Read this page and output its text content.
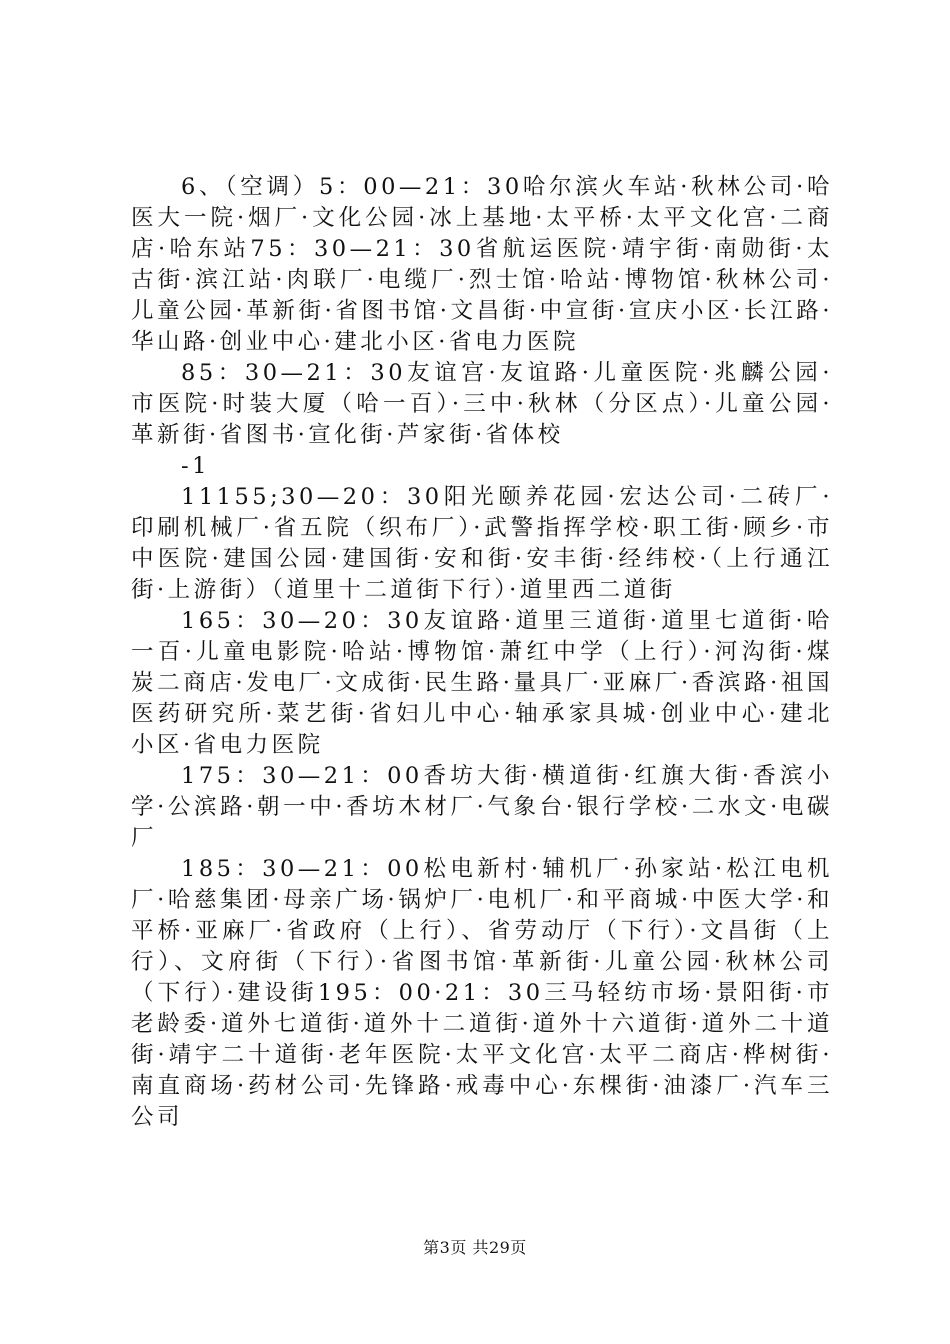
6、（空调）5：00—21：30哈尔滨火车站·秋林公司·哈医大一院·烟厂·文化公园·冰上基地·太平桥·太平文化宫·二商店·哈东站75：30—21：30省航运医院·靖宇街·南勋街·太古街·滨江站·肉联厂·电缆厂·烈士馆·哈站·博物馆·秋林公司·儿童公园·革新街·省图书馆·文昌街·中宣街·宣庆小区·长江路·华山路·创业中心·建北小区·省电力医院

85：30—21：30友谊宫·友谊路·儿童医院·兆麟公园·市医院·时装大厦（哈一百）·三中·秋林（分区点）·儿童公园·革新街·省图书·宣化街·芦家街·省体校

-1

11155;30—20：30阳光颐养花园·宏达公司·二砖厂·印刷机械厂·省五院（织布厂）·武警指挥学校·职工街·顾乡·市中医院·建国公园·建国街·安和街·安丰街·经纬校·（上行通江街·上游街）（道里十二道街下行）·道里西二道街

165：30—20：30友谊路·道里三道街·道里七道街·哈一百·儿童电影院·哈站·博物馆·萧红中学（上行）·河沟街·煤炭二商店·发电厂·文成街·民生路·量具厂·亚麻厂·香滨路·祖国医药研究所·菜艺街·省妇儿中心·轴承家具城·创业中心·建北小区·省电力医院

175：30—21：00香坊大街·横道街·红旗大街·香滨小学·公滨路·朝一中·香坊木材厂·气象台·银行学校·二水文·电碳厂

185：30—21：00松电新村·辅机厂·孙家站·松江电机厂·哈慈集团·母亲广场·锅炉厂·电机厂·和平商城·中医大学·和平桥·亚麻厂·省政府（上行）、省劳动厅（下行）·文昌街（上行）、文府街（下行）·省图书馆·革新街·儿童公园·秋林公司（下行）·建设街195：00·21：30三马轻纺市场·景阳街·市老龄委·道外七道街·道外十二道街·道外十六道街·道外二十道街·靖宇二十道街·老年医院·太平文化宫·太平二商店·桦树街·南直商场·药材公司·先锋路·戒毒中心·东棵街·油漆厂·汽车三公司

第3页 共29页
